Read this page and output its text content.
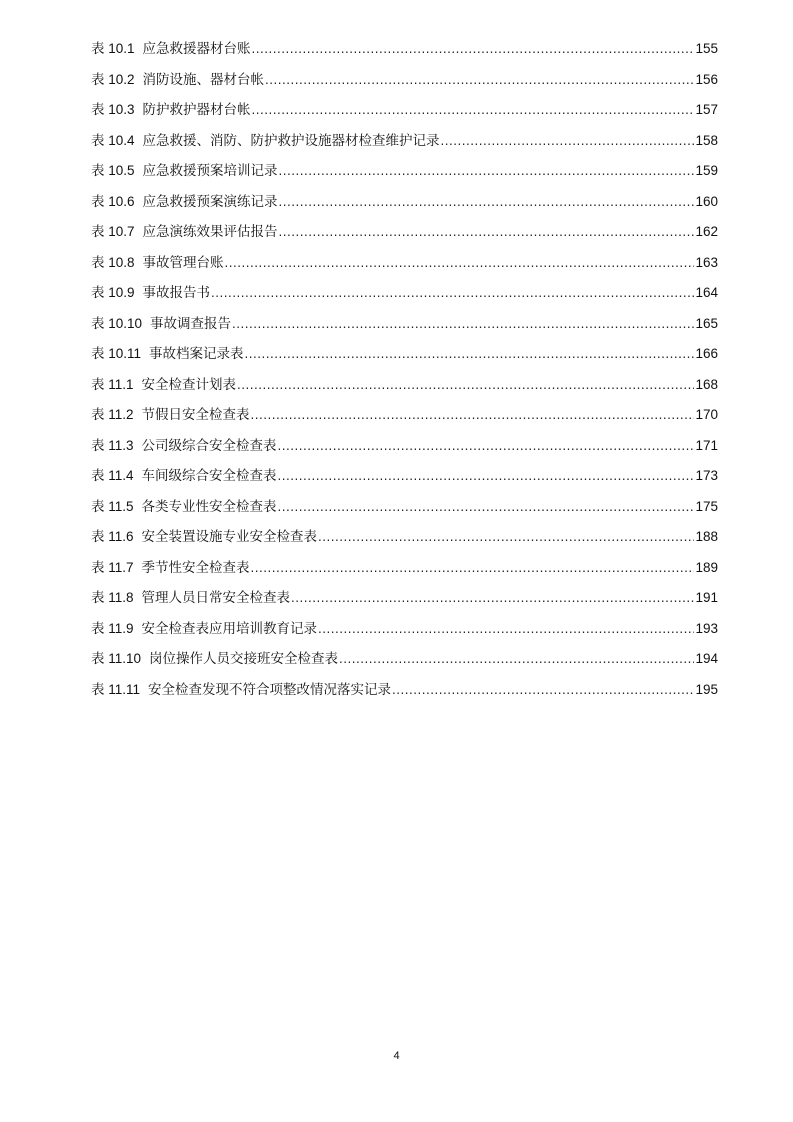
表 10.1 应急救援器材台账 .....	155
表 10.2 消防设施、器材台帐 .....	156
表 10.3 防护救护器材台帐 .....	157
表 10.4 应急救援、消防、防护救护设施器材检查维护记录 .....	158
表 10.5 应急救援预案培训记录 .....	159
表 10.6 应急救援预案演练记录 .....	160
表 10.7 应急演练效果评估报告 .....	162
表 10.8 事故管理台账 .....	163
表 10.9 事故报告书 .....	164
表 10.10 事故调查报告 .....	165
表 10.11 事故档案记录表 .....	166
表 11.1 安全检查计划表 .....	168
表 11.2 节假日安全检查表 .....	170
表 11.3 公司级综合安全检查表 .....	171
表 11.4 车间级综合安全检查表 .....	173
表 11.5 各类专业性安全检查表 .....	175
表 11.6 安全装置设施专业安全检查表 .....	188
表 11.7 季节性安全检查表 .....	189
表 11.8 管理人员日常安全检查表 .....	191
表 11.9 安全检查表应用培训教育记录 .....	193
表 11.10 岗位操作人员交接班安全检查表 .....	194
表 11.11 安全检查发现不符合项整改情况落实记录 .....	195
4
